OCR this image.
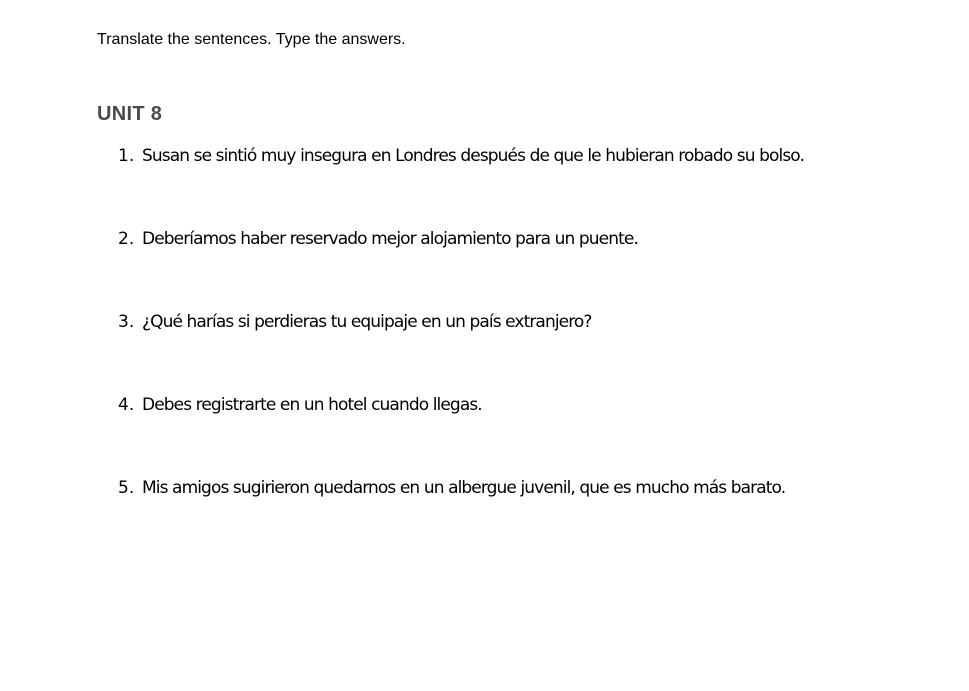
Translate the sentences. Type the answers.
UNIT 8
1. Susan se sintió muy insegura en Londres después de que le hubieran robado su bolso.
2. Deberíamos haber reservado mejor alojamiento para un puente.
3. ¿Qué harías si perdieras tu equipaje en un país extranjero?
4. Debes registrarte en un hotel cuando llegas.
5. Mis amigos sugirieron quedarnos en un albergue juvenil, que es mucho más barato.
